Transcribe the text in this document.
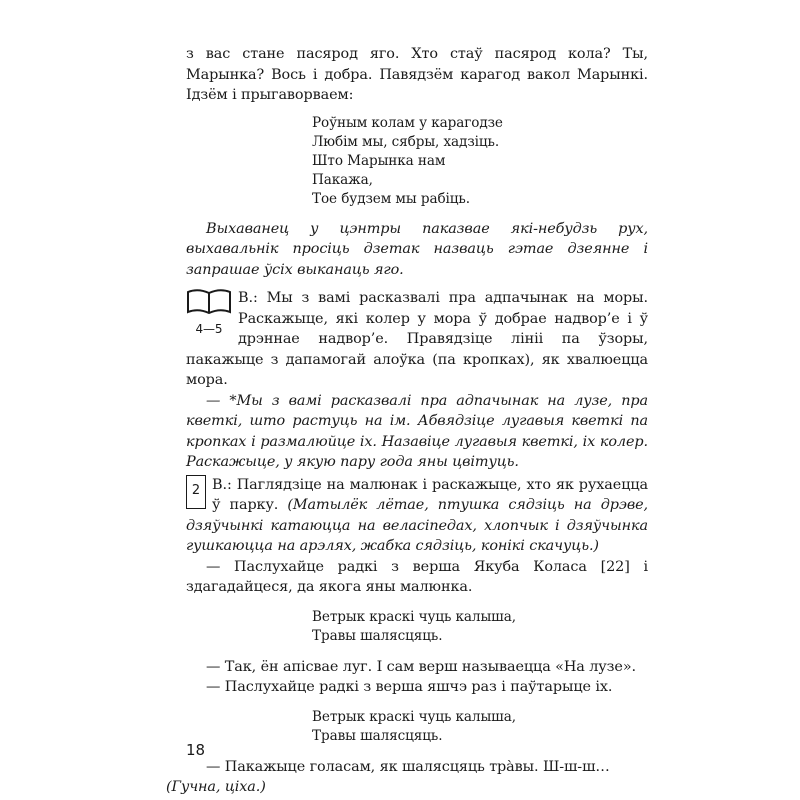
з вас стане пасярод яго. Хто стаў пасярод кола? Ты, Марынка? Вось і добра. Павядзём карагод вакол Марынкі. Ідзём і прыгаворваем:

Роўным колам у карагодзе
Любім мы, сябры, хадзіць.
Што Марынка нам
Пакажа,
Тое будзем мы рабіць.

Выхаванец у цэнтры паказвае які-небудзь рух, выхавальнік просіць дзетак назваць гэтае дзеянне і запрашае ўсіх выканаць яго.

4—5

В.: Мы з вамі расказвалі пра адпачынак на моры. Раскажыце, які колер у мора ў добрае надвор’е і ў дрэннае надвор’е. Правядзіце лініі па ўзоры, пакажыце з дапамогай алоўка (па кропках), як хвалюецца мора.

— *Мы з вамі расказвалі пра адпачынак на лузе, пра кветкі, што растуць на ім. Абвядзіце лугавыя кветкі па кропках і размалюйце іх. Назавіце лугавыя кветкі, іх колер. Раскажыце, у якую пару года яны цвітуць.

2 В.: Паглядзіце на малюнак і раскажыце, хто як рухаецца ў парку. (Матылёк лётае, птушка сядзіць на дрэве, дзяўчынкі катаюцца на веласіпедах, хлопчык і дзяўчынка гушкаюцца на арэлях, жабка сядзіць, конікі скачуць.)

— Паслухайце радкі з верша Якуба Коласа [22] і здагадайцеся, да якога яны малюнка.

Ветрык краскі чуць калыша,
Травы шалясцяць.

— Так, ён апісвае луг. І сам верш называецца «На лузе».

— Паслухайце радкі з верша яшчэ раз і паўтарыце іх.

Ветрык краскі чуць калыша,
Травы шалясцяць.

— Пакажыце голасам, як шалясцяць тра̀вы. Ш-ш-ш…
(Гучна, ціха.)

18
